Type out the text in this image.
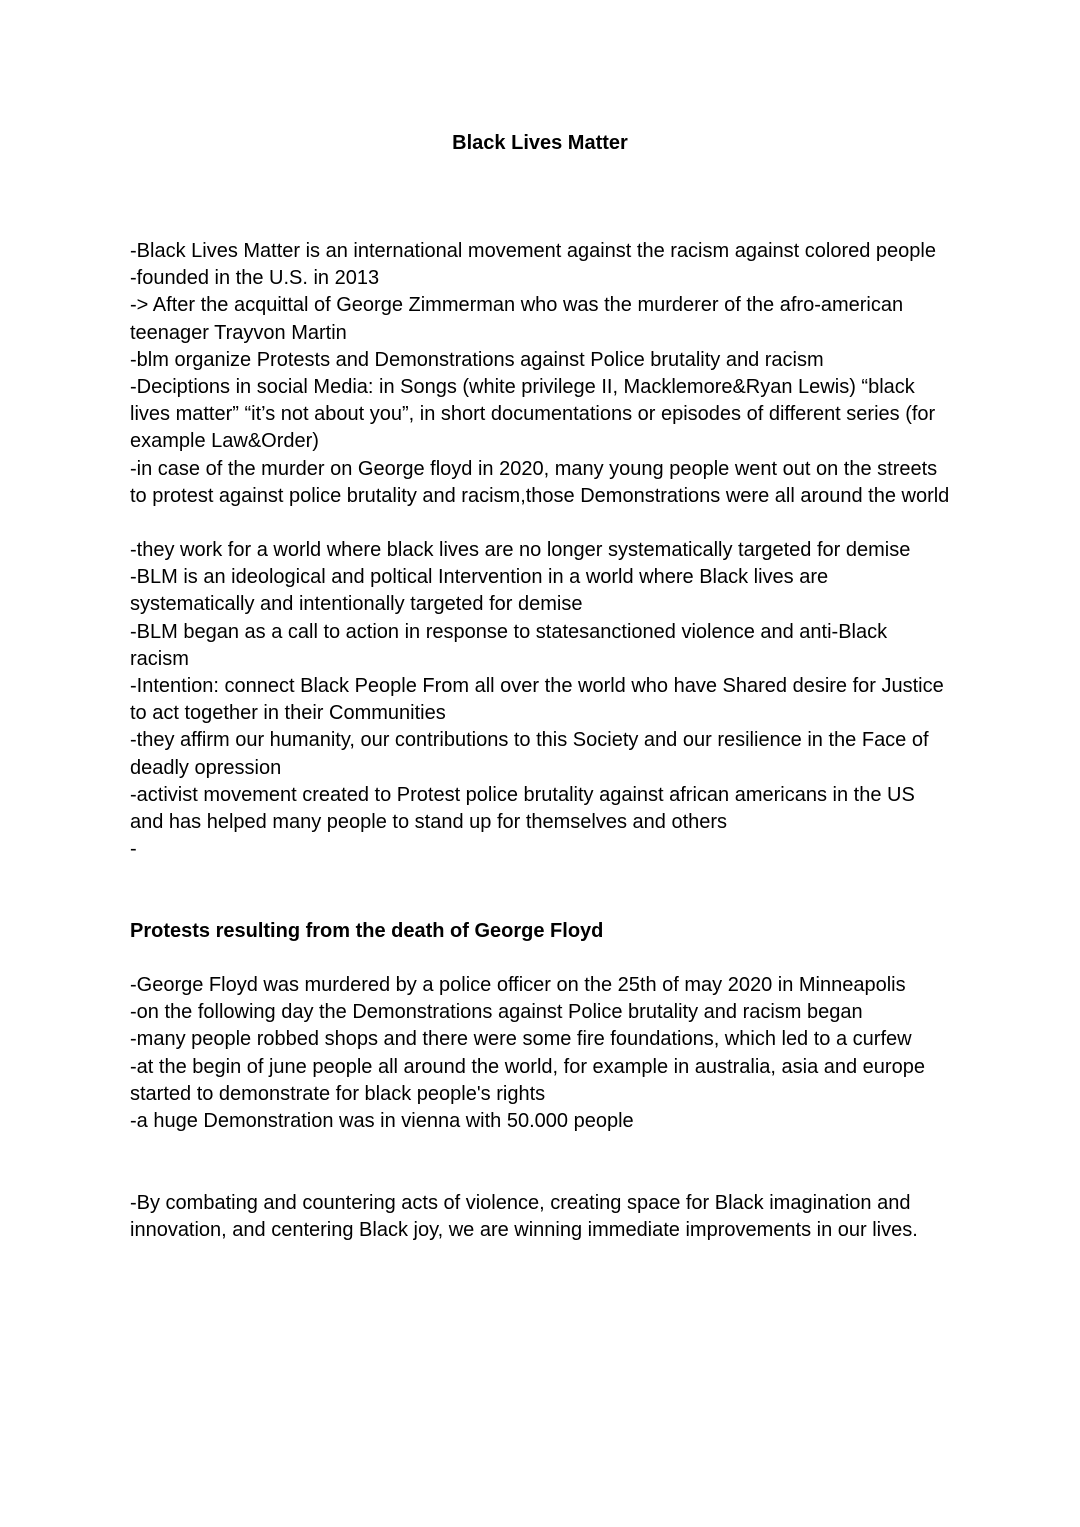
Black Lives Matter

-Black Lives Matter is an international movement against the racism against colored people
-founded in the U.S. in 2013
-> After the acquittal of George Zimmerman who was the murderer of the afro-american
teenager Trayvon Martin
-blm organize Protests and Demonstrations against Police brutality and racism
-Deciptions in social Media: in Songs (white privilege II, Macklemore&Ryan Lewis) “black
lives matter” “it’s not about you”, in short documentations or episodes of different series (for
example Law&Order)
-in case of the murder on George floyd in 2020, many young people went out on the streets
to protest against police brutality and racism,those Demonstrations were all around the world

-they work for a world where black lives are no longer systematically targeted for demise
-BLM is an ideological and poltical Intervention in a world where Black lives are
systematically and intentionally targeted for demise
-BLM began as a call to action in response to statesanctioned violence and anti-Black
racism
-Intention: connect Black People From all over the world who have Shared desire for Justice
to act together in their Communities
-they affirm our humanity, our contributions to this Society and our resilience in the Face of
deadly opression
-activist movement created to Protest police brutality against african americans in the US
and has helped many people to stand up for themselves and others
-

Protests resulting from the death of George Floyd

-George Floyd was murdered by a police officer on the 25th of may 2020 in Minneapolis
-on the following day the Demonstrations against Police brutality and racism began
-many people robbed shops and there were some fire foundations, which led to a curfew
-at the begin of june people all around the world, for example in australia, asia and europe
started to demonstrate for black people's rights
-a huge Demonstration was in vienna with 50.000 people

-By combating and countering acts of violence, creating space for Black imagination and
innovation, and centering Black joy, we are winning immediate improvements in our lives.
